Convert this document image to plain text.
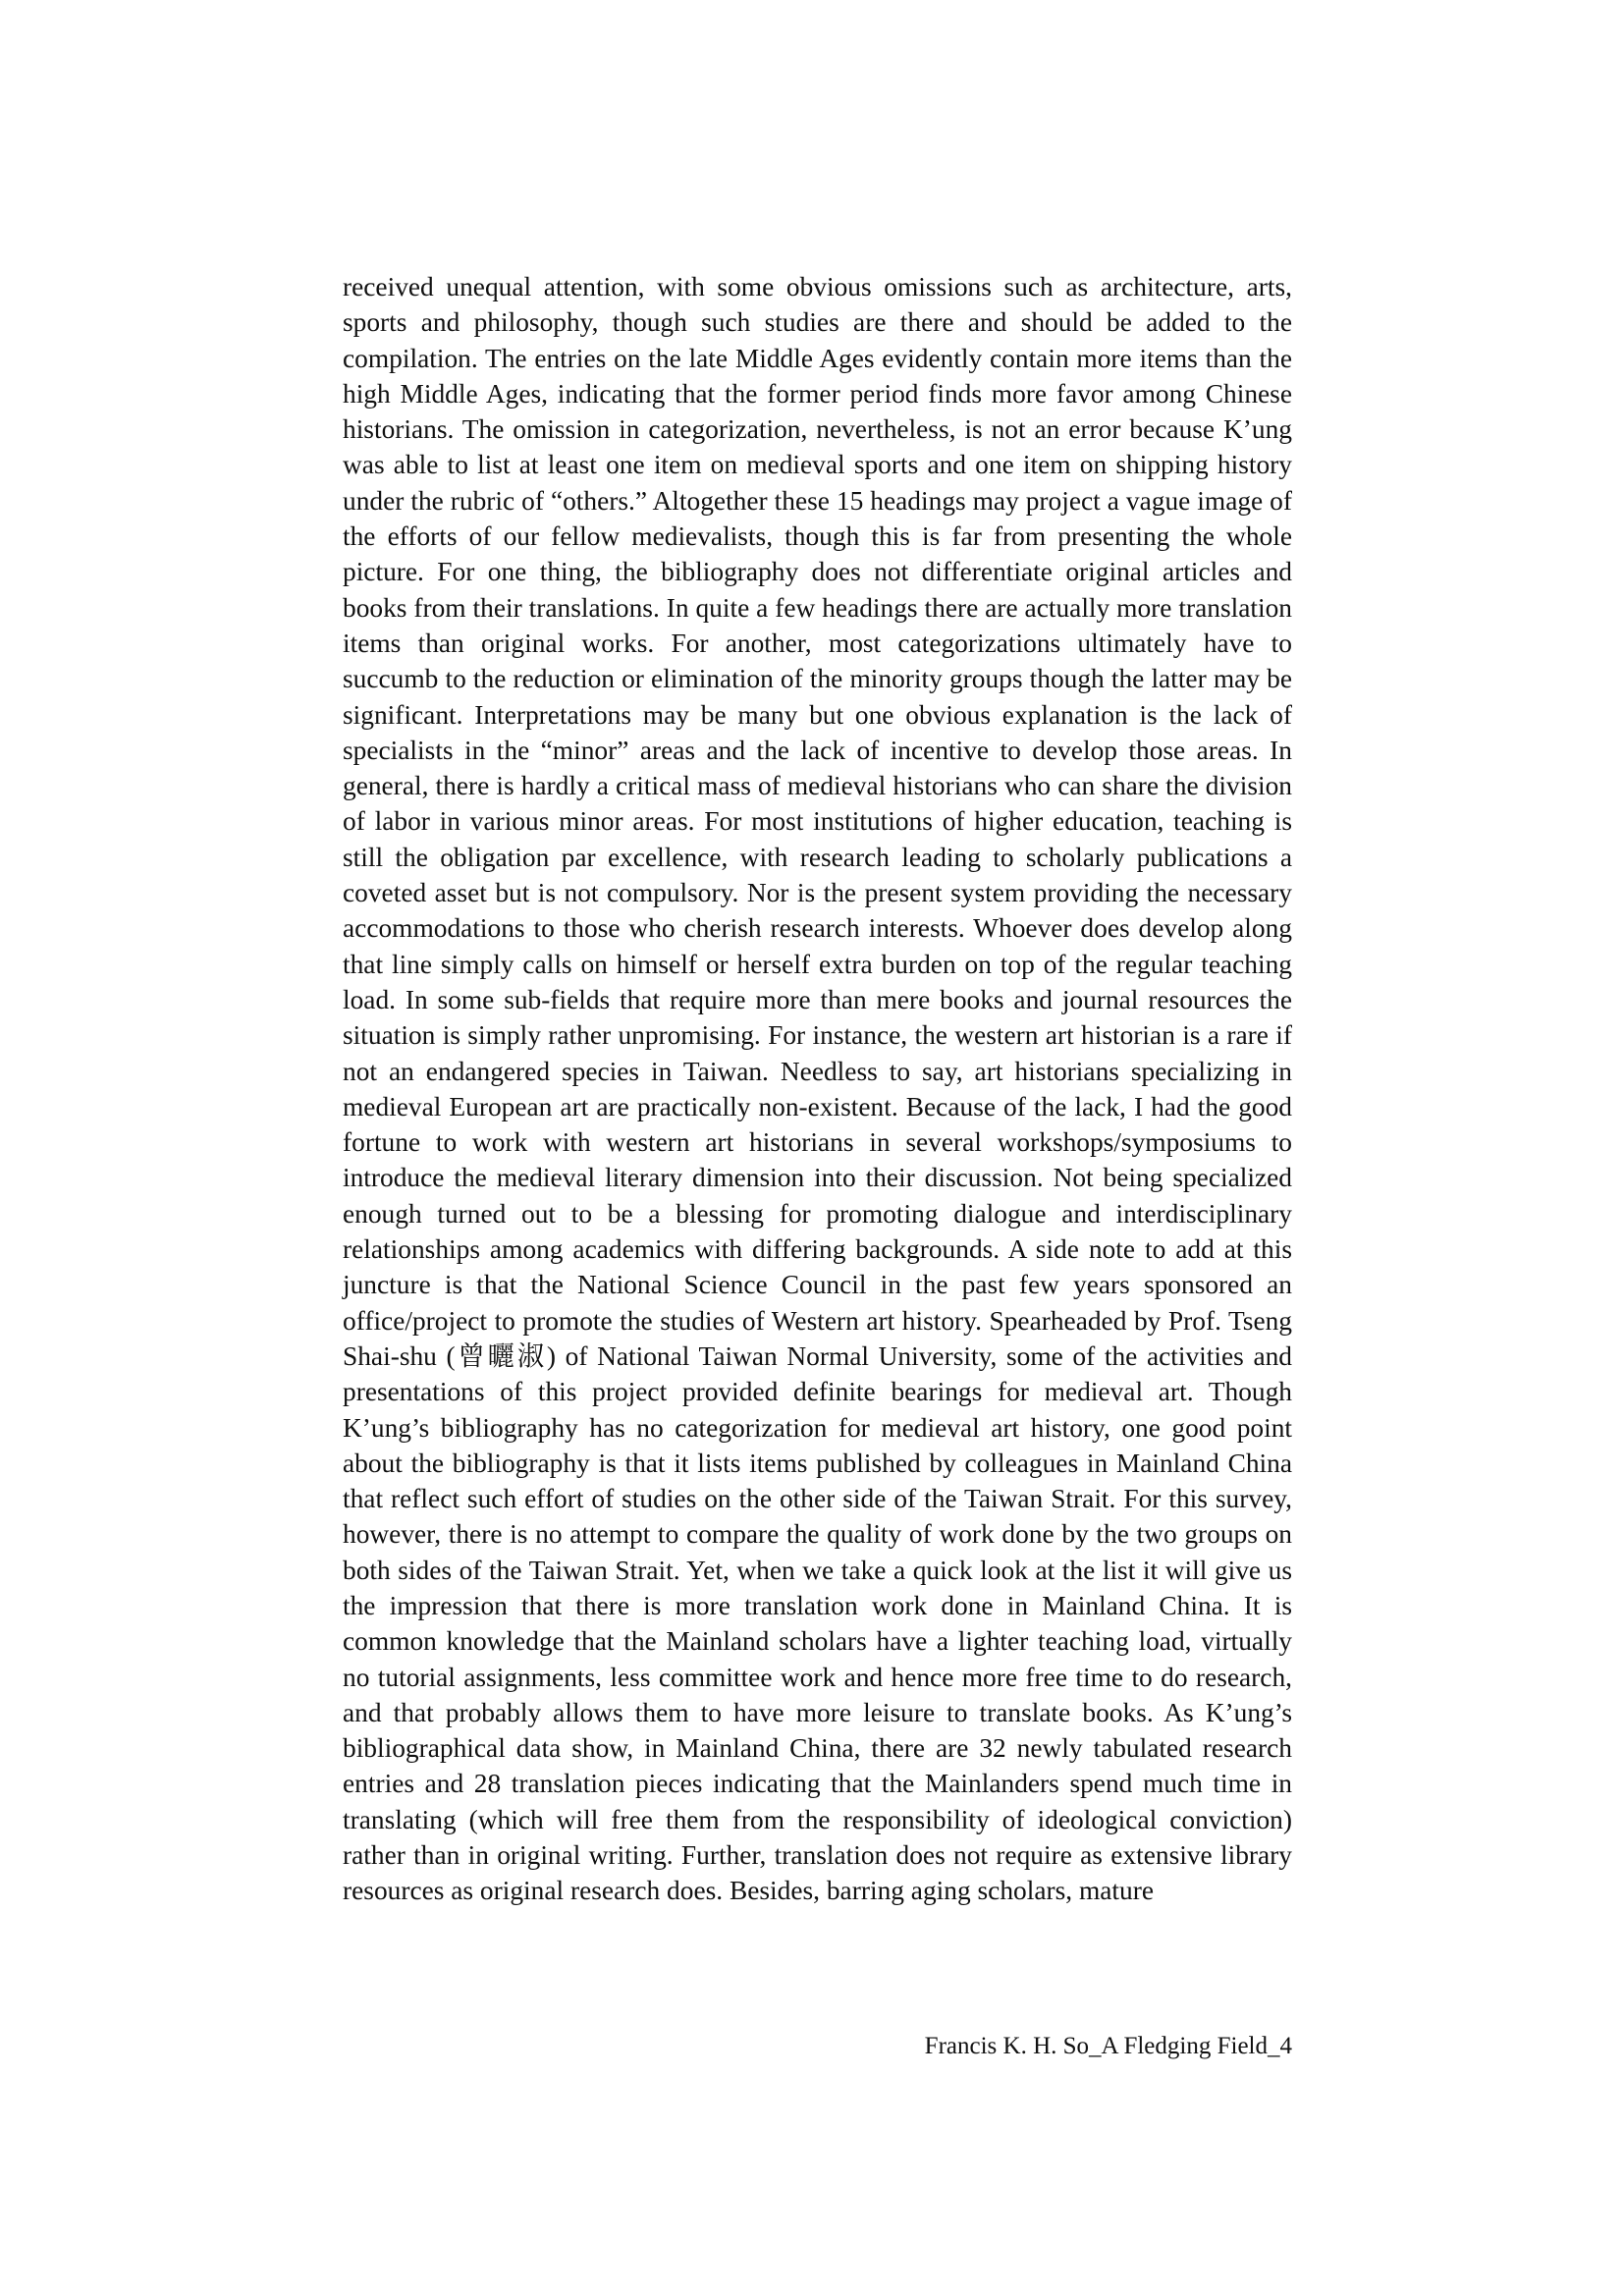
received unequal attention, with some obvious omissions such as architecture, arts, sports and philosophy, though such studies are there and should be added to the compilation. The entries on the late Middle Ages evidently contain more items than the high Middle Ages, indicating that the former period finds more favor among Chinese historians. The omission in categorization, nevertheless, is not an error because K’ung was able to list at least one item on medieval sports and one item on shipping history under the rubric of “others.” Altogether these 15 headings may project a vague image of the efforts of our fellow medievalists, though this is far from presenting the whole picture. For one thing, the bibliography does not differentiate original articles and books from their translations. In quite a few headings there are actually more translation items than original works. For another, most categorizations ultimately have to succumb to the reduction or elimination of the minority groups though the latter may be significant. Interpretations may be many but one obvious explanation is the lack of specialists in the “minor” areas and the lack of incentive to develop those areas. In general, there is hardly a critical mass of medieval historians who can share the division of labor in various minor areas. For most institutions of higher education, teaching is still the obligation par excellence, with research leading to scholarly publications a coveted asset but is not compulsory. Nor is the present system providing the necessary accommodations to those who cherish research interests. Whoever does develop along that line simply calls on himself or herself extra burden on top of the regular teaching load. In some sub-fields that require more than mere books and journal resources the situation is simply rather unpromising. For instance, the western art historian is a rare if not an endangered species in Taiwan. Needless to say, art historians specializing in medieval European art are practically non-existent. Because of the lack, I had the good fortune to work with western art historians in several workshops/symposiums to introduce the medieval literary dimension into their discussion. Not being specialized enough turned out to be a blessing for promoting dialogue and interdisciplinary relationships among academics with differing backgrounds. A side note to add at this juncture is that the National Science Council in the past few years sponsored an office/project to promote the studies of Western art history. Spearheaded by Prof. Tseng Shai-shu (曾曬淑) of National Taiwan Normal University, some of the activities and presentations of this project provided definite bearings for medieval art. Though K’ung’s bibliography has no categorization for medieval art history, one good point about the bibliography is that it lists items published by colleagues in Mainland China that reflect such effort of studies on the other side of the Taiwan Strait. For this survey, however, there is no attempt to compare the quality of work done by the two groups on both sides of the Taiwan Strait. Yet, when we take a quick look at the list it will give us the impression that there is more translation work done in Mainland China. It is common knowledge that the Mainland scholars have a lighter teaching load, virtually no tutorial assignments, less committee work and hence more free time to do research, and that probably allows them to have more leisure to translate books. As K’ung’s bibliographical data show, in Mainland China, there are 32 newly tabulated research entries and 28 translation pieces indicating that the Mainlanders spend much time in translating (which will free them from the responsibility of ideological conviction) rather than in original writing. Further, translation does not require as extensive library resources as original research does. Besides, barring aging scholars, mature

Francis K. H. So_A Fledging Field_4
